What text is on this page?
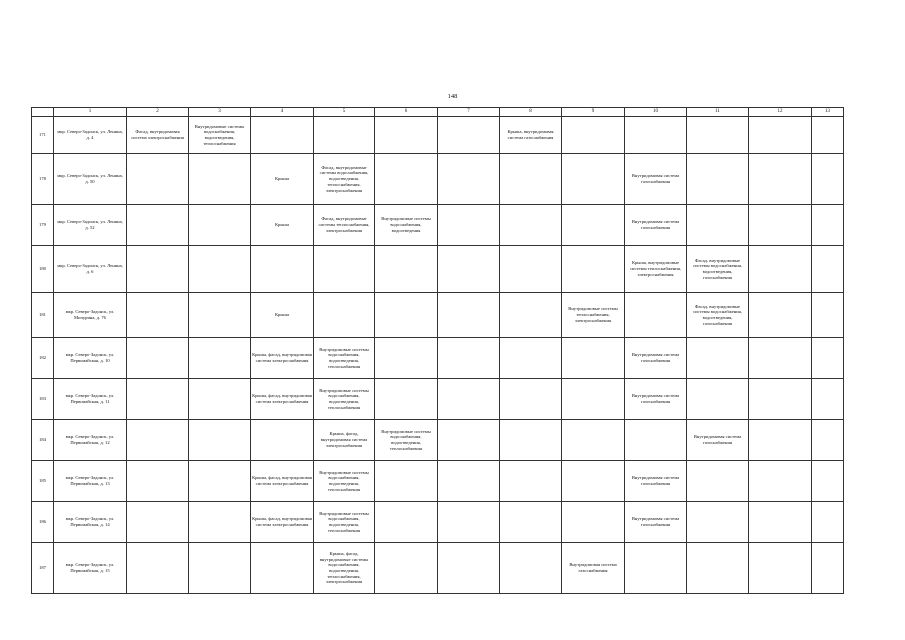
148
	1	2	3	4	5	6	7	8	9	10	11	12	13
171	мкр. Северо-Задонск, ул. Ленина, д. 4	Фасад, внутридомовая система электроснабжения	Внутридомовые системы водоснабжения, водоотведения, теплоснабжения					Крыша, внутридомовая система газоснабжения					
178	мкр. Северо-Задонск, ул. Ленина, д. 50			Крыша	Фасад, внутридомовые системы водоснабжения, водоотведения, теплоснабжения, электроснабжения					Внутридомовая система газоснабжения			
179	мкр. Северо-Задонск, ул. Ленина, д. 52			Крыша	Фасад, внутридомовые системы теплоснабжения, электроснабжения	Внутридомовые системы водоснабжения, водоотведения				Внутридомовая система газоснабжения			
180	мкр. Северо-Задонск, ул. Ленина, д. 6									Крыша, внутридомовые системы теплоснабжения, электроснабжения	Фасад, внутридомовые системы водоснабжения, водоотведения, газоснабжения		
181	мкр. Северо-Задонск, ул. Мичурина, д. 76			Крыша					Внутридомовые системы теплоснабжения, электроснабжения		Фасад, внутридомовые системы водоснабжения, водоотведения, газоснабжения		
182	мкр. Северо-Задонск, ул. Первомайская, д. 10			Крыша, фасад, внутридомовая система электроснабжения	Внутридомовые системы водоснабжения, водоотведения, теплоснабжения					Внутридомовая система газоснабжения			
183	мкр. Северо-Задонск, ул. Первомайская, д. 11			Крыша, фасад, внутридомовая система электроснабжения	Внутридомовые системы водоснабжения, водоотведения, теплоснабжения					Внутридомовая система газоснабжения			
184	мкр. Северо-Задонск, ул. Первомайская, д. 12				Крыша, фасад, внутридомовая система электроснабжения	Внутридомовые системы водоснабжения, водоотведения, теплоснабжения					Внутридомовая система газоснабжения		
185	мкр. Северо-Задонск, ул. Первомайская, д. 13			Крыша, фасад, внутридомовая система электроснабжения	Внутридомовые системы водоснабжения, водоотведения, теплоснабжения					Внутридомовая система газоснабжения			
186	мкр. Северо-Задонск, ул. Первомайская, д. 14			Крыша, фасад, внутридомовая система электроснабжения	Внутридомовые системы водоснабжения, водоотведения, теплоснабжения					Внутридомовая система газоснабжения			
187	мкр. Северо-Задонск, ул. Первомайская, д. 15				Крыша, фасад, внутридомовые системы водоснабжения, водоотведения, теплоснабжения, электроснабжения				Внутридомовая система газоснабжения				
